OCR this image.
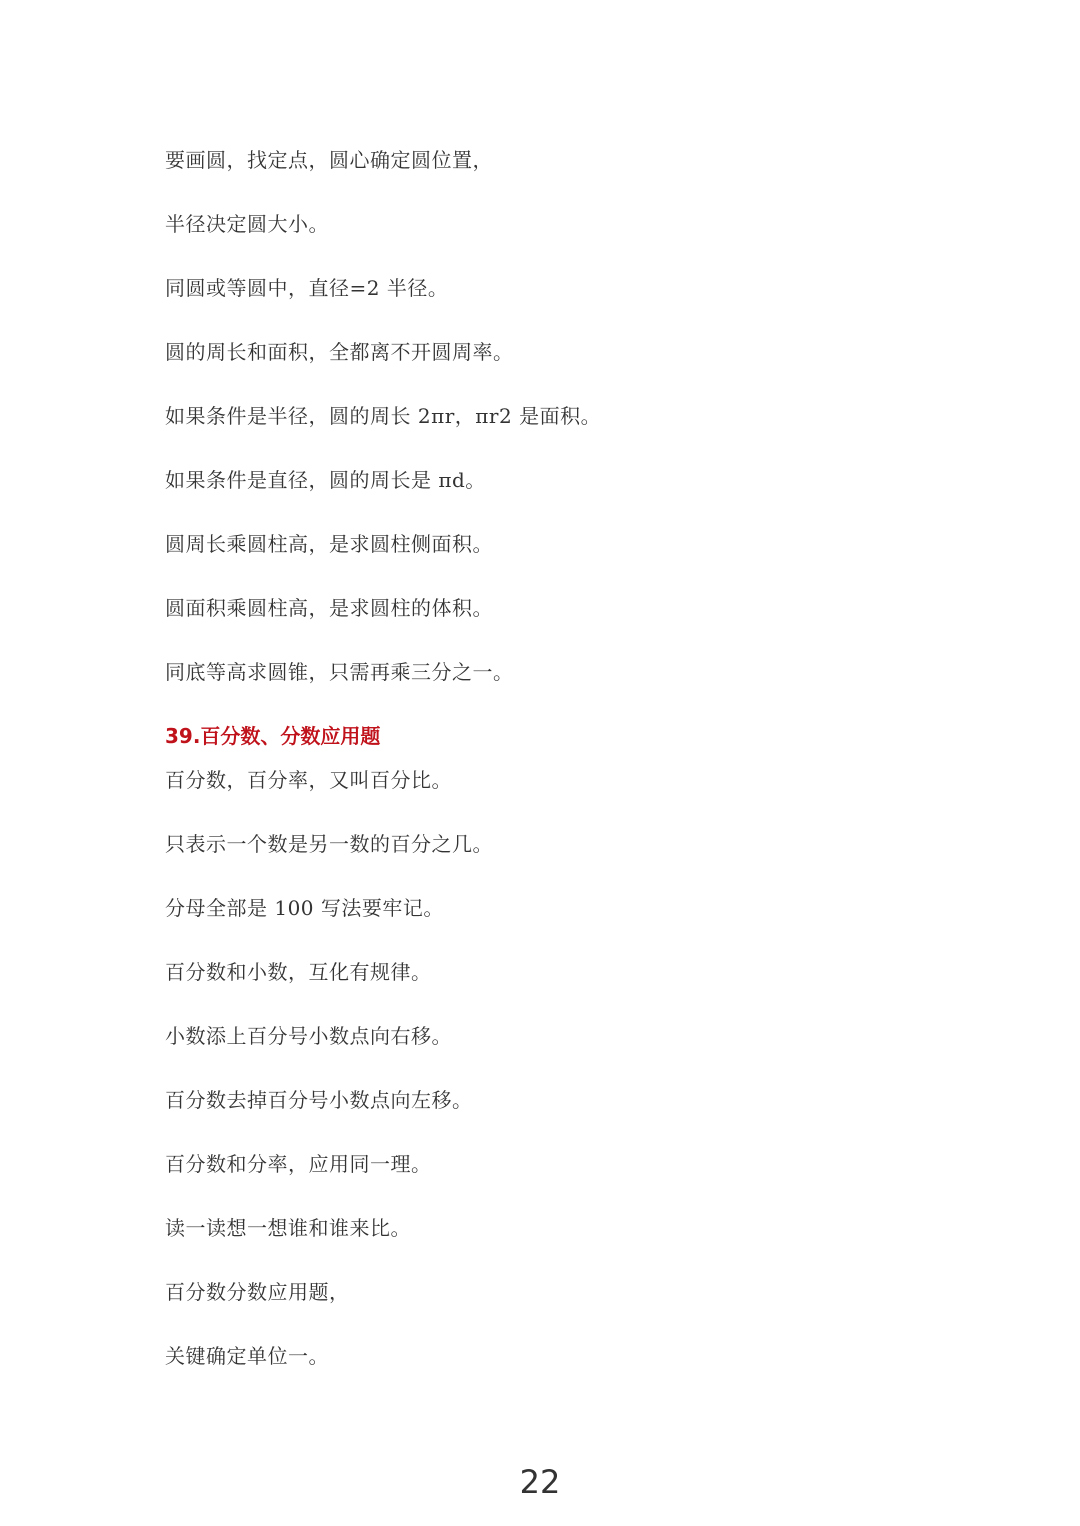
要画圆，找定点，圆心确定圆位置，
半径决定圆大小。
同圆或等圆中，直径=2 半径。
圆的周长和面积，全都离不开圆周率。
如果条件是半径，圆的周长 2πr，πr2 是面积。
如果条件是直径，圆的周长是 πd。
圆周长乘圆柱高，是求圆柱侧面积。
圆面积乘圆柱高，是求圆柱的体积。
同底等高求圆锥，只需再乘三分之一。
39.百分数、分数应用题
百分数，百分率，又叫百分比。
只表示一个数是另一数的百分之几。
分母全部是 100 写法要牢记。
百分数和小数，互化有规律。
小数添上百分号小数点向右移。
百分数去掉百分号小数点向左移。
百分数和分率，应用同一理。
读一读想一想谁和谁来比。
百分数分数应用题，
关键确定单位一。
22
